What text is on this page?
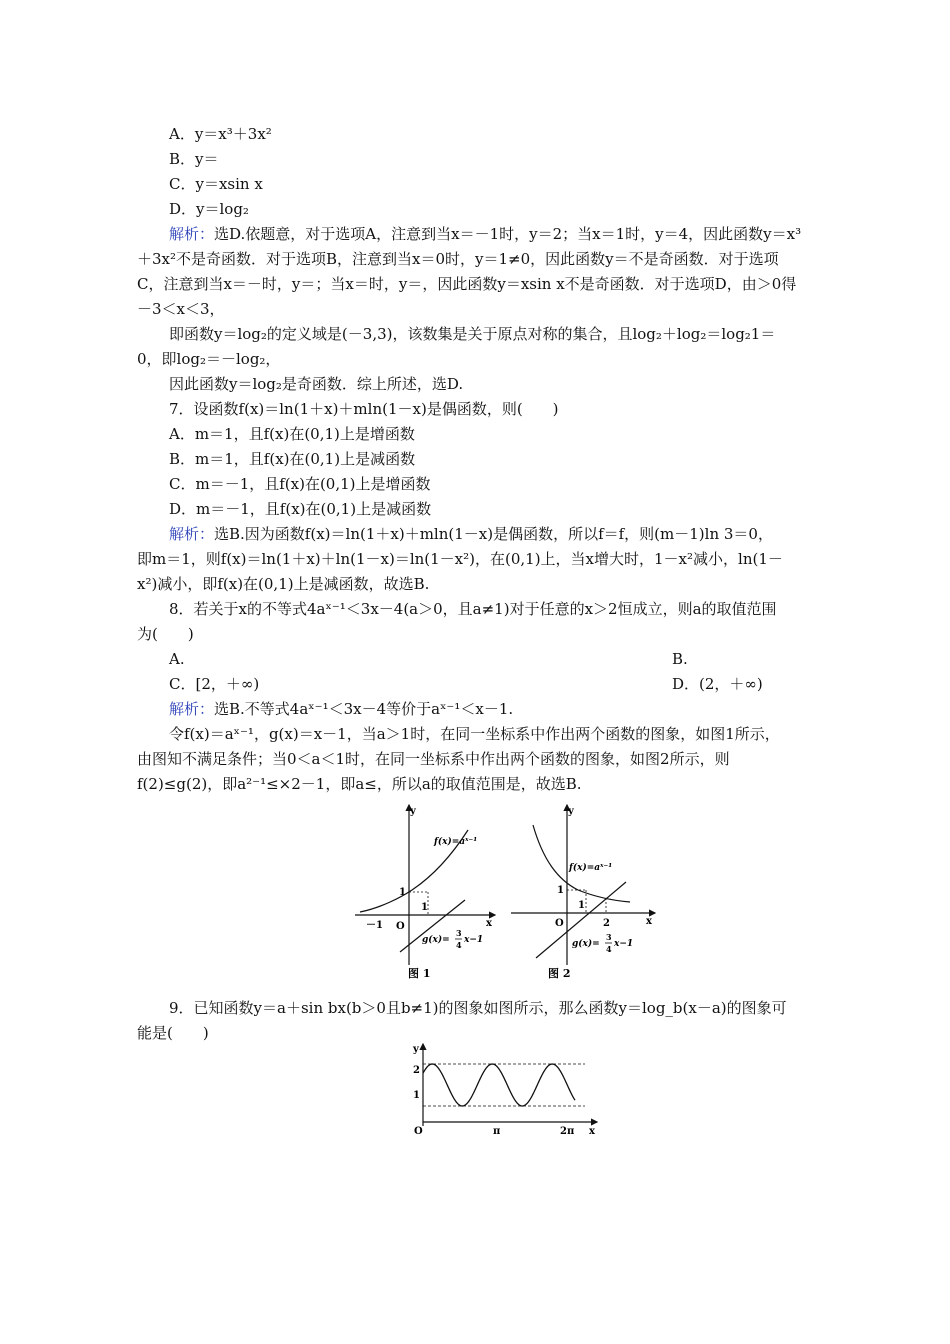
A．y＝x³＋3x²
B．y＝
C．y＝xsin x
D．y＝log₂
解析：选D.依题意，对于选项A，注意到当x＝－1时，y＝2；当x＝1时，y＝4，因此函数y＝x³
＋3x²不是奇函数．对于选项B，注意到当x＝0时，y＝1≠0，因此函数y＝不是奇函数．对于选项
C，注意到当x＝－时，y＝；当x＝时，y＝，因此函数y＝xsin x不是奇函数．对于选项D，由＞0得
－3＜x＜3，
即函数y＝log₂的定义域是(－3,3)，该数集是关于原点对称的集合，且log₂＋log₂＝log₂1＝
0，即log₂＝－log₂，
因此函数y＝log₂是奇函数．综上所述，选D.
7．设函数f(x)＝ln(1＋x)＋mln(1－x)是偶函数，则(　　)
A．m＝1，且f(x)在(0,1)上是增函数
B．m＝1，且f(x)在(0,1)上是减函数
C．m＝－1，且f(x)在(0,1)上是增函数
D．m＝－1，且f(x)在(0,1)上是减函数
解析：选B.因为函数f(x)＝ln(1＋x)＋mln(1－x)是偶函数，所以f＝f，则(m－1)ln 3＝0，
即m＝1，则f(x)＝ln(1＋x)＋ln(1－x)＝ln(1－x²)，在(0,1)上，当x增大时，1－x²减小，ln(1－
x²)减小，即f(x)在(0,1)上是减函数，故选B.
8．若关于x的不等式4aˣ⁻¹＜3x－4(a＞0，且a≠1)对于任意的x＞2恒成立，则a的取值范围
为(　　)
A.	B.
C．[2，＋∞)	D．(2，＋∞)
解析：选B.不等式4aˣ⁻¹＜3x－4等价于aˣ⁻¹＜x－1.
令f(x)＝aˣ⁻¹，g(x)＝x－1，当a＞1时，在同一坐标系中作出两个函数的图象，如图1所示，
由图知不满足条件；当0＜a＜1时，在同一坐标系中作出两个函数的图象，如图2所示，则
f(2)≤g(2)，即a²⁻¹≤×2－1，即a≤，所以a的取值范围是，故选B.
y
x
O
－1
1
1
f(x)=aˣ⁻¹
g(x)=
3
4 x−1
图 1
y
x
O
1
1
2
f(x)=aˣ⁻¹
g(x)=
3
4 x−1
图 2
9．已知函数y＝a＋sin bx(b＞0且b≠1)的图象如图所示，那么函数y＝log_b(x－a)的图象可
能是(　　)
y
x
O
2
1
π	2π
